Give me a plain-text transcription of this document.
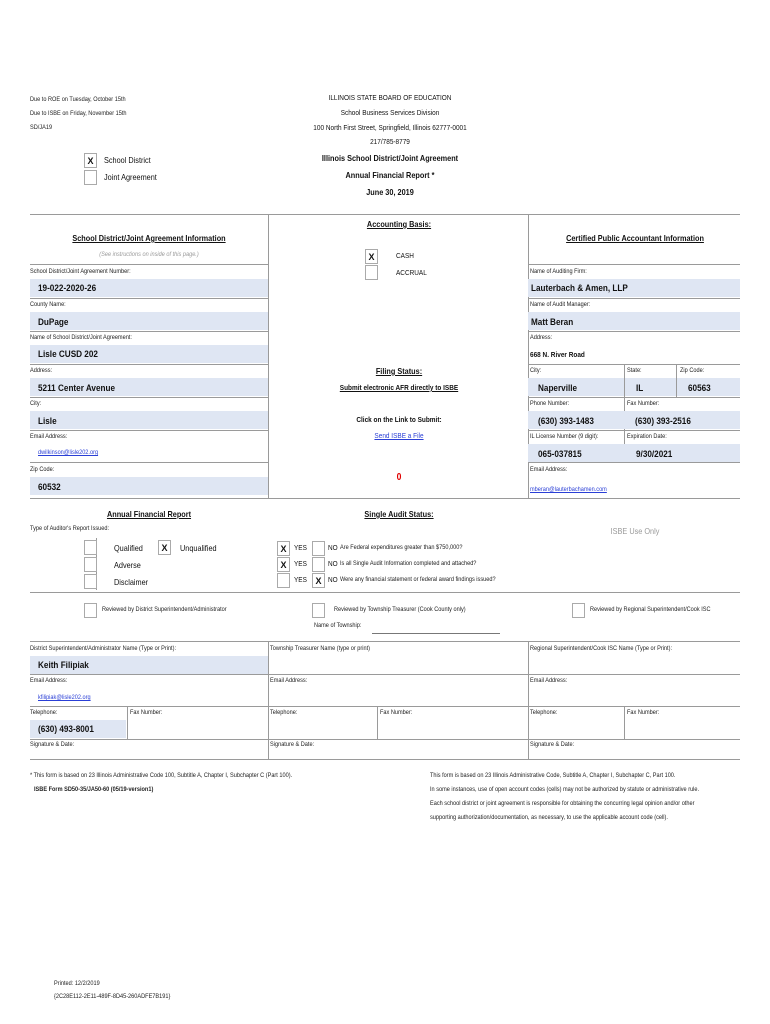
Due to ROE on Tuesday, October 15th
Due to ISBE on Friday, November 15th
SD/JA19
ILLINOIS STATE BOARD OF EDUCATION
School Business Services Division
100 North First Street, Springfield, Illinois 62777-0001
217/785-8779
Illinois School District/Joint Agreement
Annual Financial Report *
June 30, 2019
X	School District
Joint Agreement
Accounting Basis:
X	CASH
ACCRUAL
School District/Joint Agreement Information
(See instructions on inside of this page.)
School District/Joint Agreement Number:
19-022-2020-26
County Name:
DuPage
Name of School District/Joint Agreement:
Lisle CUSD 202
Address:
5211 Center Avenue
City:
Lisle
Email Address:
dwilkinson@lisle202.org
Zip Code:
60532
Filing Status:
Submit electronic AFR directly to ISBE
Click on the Link to Submit:
Send ISBE a File
0
Certified Public Accountant Information
Name of Auditing Firm:
Lauterbach & Amen, LLP
Name of Audit Manager:
Matt Beran
Address:
668 N. River Road
City:	State:	Zip Code:
Naperville	IL	60563
Phone Number:	Fax Number:
(630) 393-1483	(630) 393-2516
IL License Number (9 digit):	Expiration Date:
065-037815	9/30/2021
Email Address:
mberan@lauterbachamen.com
Annual Financial Report
Type of Auditor's Report Issued:
Qualified	X	Unqualified
Adverse
Disclaimer
Single Audit Status:
X	YES	NO Are Federal expenditures greater than $750,000?
X	YES	NO Is all Single Audit Information completed and attached?
YES X NO Were any financial statement or federal award findings issued?
ISBE Use Only
Reviewed by District Superintendent/Administrator	Reviewed by Township Treasurer (Cook County only)
Name of Township:
Reviewed by Regional Superintendent/Cook ISC
District Superintendent/Administrator Name (Type or Print):
Keith Filipiak
Email Address:
kfilipiak@lisle202.org
Telephone:	Fax Number:
(630) 493-8001
Signature & Date:
Township Treasurer Name (type or print)
Email Address:
Telephone:	Fax Number:
Signature & Date:
Regional Superintendent/Cook ISC Name (Type or Print):
Email Address:
Telephone:	Fax Number:
Signature & Date:
* This form is based on 23 Illinois Administrative Code 100, Subtitle A, Chapter I, Subchapter C (Part 100).
ISBE Form SD50-35/JA50-60 (05/19-version1)
This form is based on 23 Illinois Administrative Code, Subtitle A, Chapter I, Subchapter C, Part 100.
In some instances, use of open account codes (cells) may not be authorized by statute or administrative rule.
Each school district or joint agreement is responsible for obtaining the concurring legal opinion and/or other
supporting authorization/documentation, as necessary, to use the applicable account code (cell).
Printed: 12/2/2019
{2C28E112-2E11-489F-8D45-260ADFE7B191}
